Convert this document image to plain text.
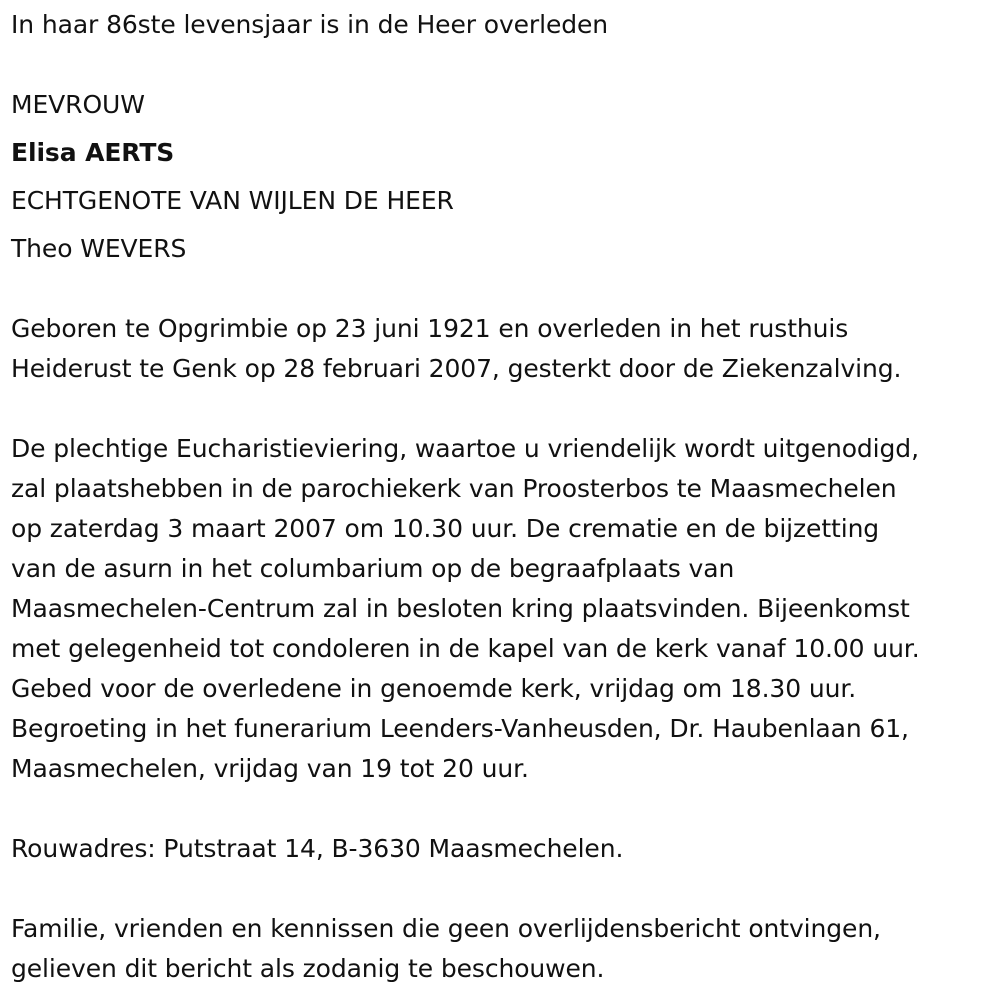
In haar 86ste levensjaar is in de Heer overleden
MEVROUW
Elisa AERTS
ECHTGENOTE VAN WIJLEN DE HEER
Theo WEVERS
Geboren te Opgrimbie op 23 juni 1921 en overleden in het rusthuis
Heiderust te Genk op 28 februari 2007, gesterkt door de Ziekenzalving.
De plechtige Eucharistieviering, waartoe u vriendelijk wordt uitgenodigd,
zal plaatshebben in de parochiekerk van Proosterbos te Maasmechelen
op zaterdag 3 maart 2007 om 10.30 uur. De crematie en de bijzetting
van de asurn in het columbarium op de begraafplaats van
Maasmechelen-Centrum zal in besloten kring plaatsvinden. Bijeenkomst
met gelegenheid tot condoleren in de kapel van de kerk vanaf 10.00 uur.
Gebed voor de overledene in genoemde kerk, vrijdag om 18.30 uur.
Begroeting in het funerarium Leenders-Vanheusden, Dr. Haubenlaan 61,
Maasmechelen, vrijdag van 19 tot 20 uur.
Rouwadres: Putstraat 14, B-3630 Maasmechelen.
Familie, vrienden en kennissen die geen overlijdensbericht ontvingen,
gelieven dit bericht als zodanig te beschouwen.
